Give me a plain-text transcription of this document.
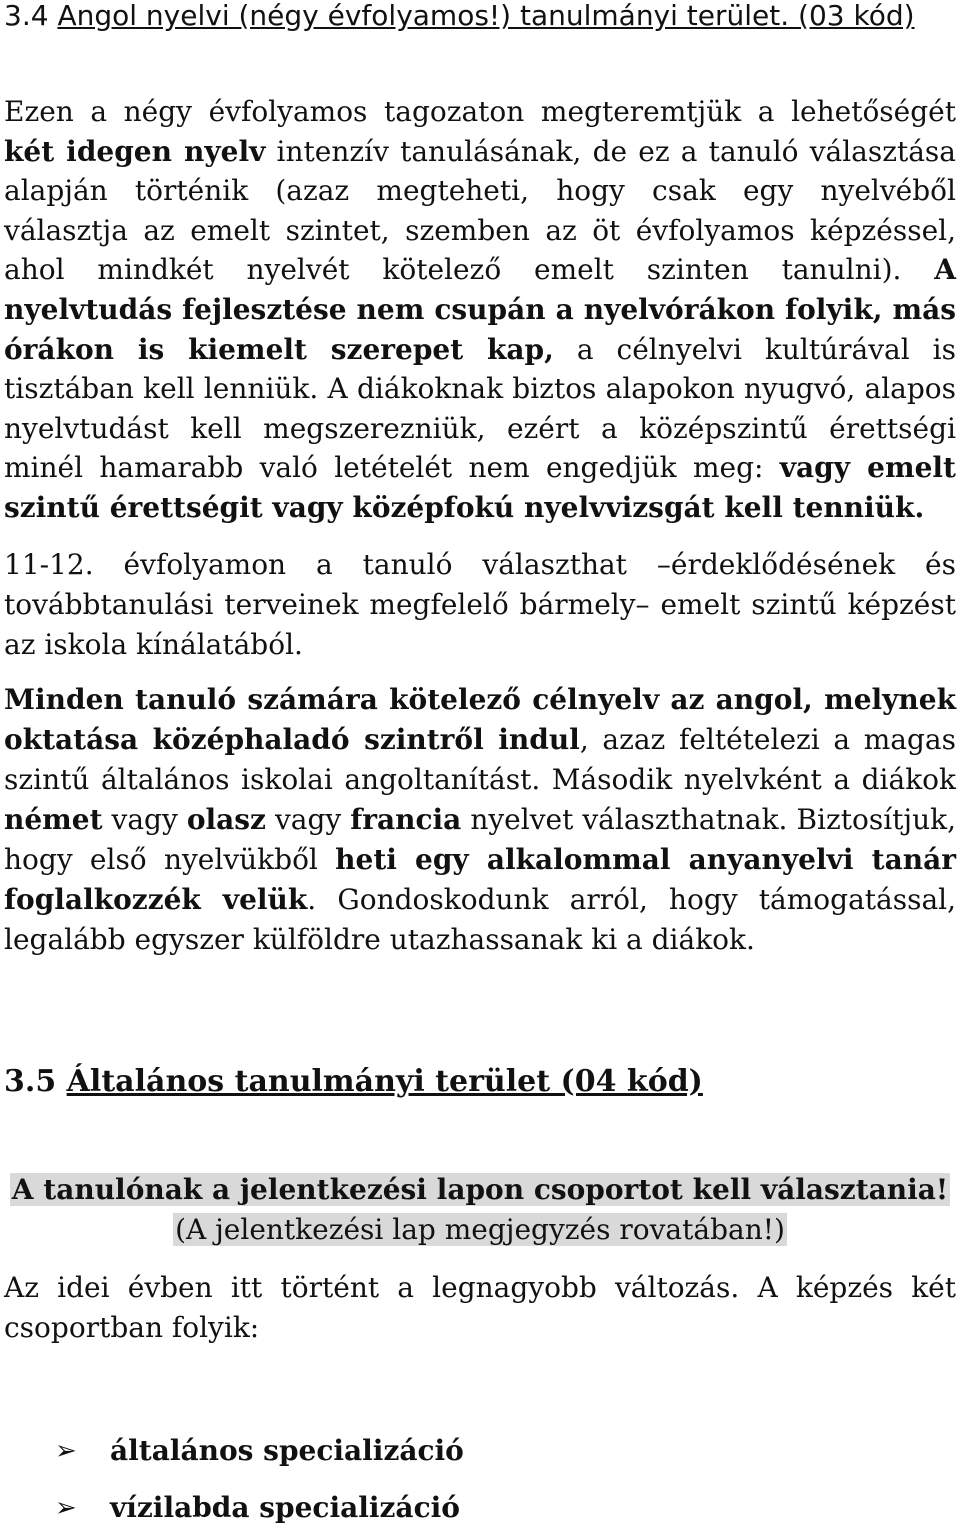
3.4 Angol nyelvi (négy évfolyamos!) tanulmányi terület. (03 kód)
Ezen a négy évfolyamos tagozaton megteremtjük a lehetőségét két idegen nyelv intenzív tanulásának, de ez a tanuló választása alapján történik (azaz megteheti, hogy csak egy nyelvéből választja az emelt szintet, szemben az öt évfolyamos képzéssel, ahol mindkét nyelvét kötelező emelt szinten tanulni). A nyelvtudás fejlesztése nem csupán a nyelvórákon folyik, más órákon is kiemelt szerepet kap, a célnyelvi kultúrával is tisztában kell lenniük. A diákoknak biztos alapokon nyugvó, alapos nyelvtudást kell megszerezniük, ezért a középszintű érettségi minél hamarabb való letételét nem engedjük meg: vagy emelt szintű érettségit vagy középfokú nyelvvizsgát kell tenniük.
11-12. évfolyamon a tanuló választhat –érdeklődésének és továbbtanulási terveinek megfelelő bármely– emelt szintű képzést az iskola kínálatából.
Minden tanuló számára kötelező célnyelv az angol, melynek oktatása középhaladó szintről indul, azaz feltételezi a magas szintű általános iskolai angoltanítást. Második nyelvként a diákok német vagy olasz vagy francia nyelvet választhatnak. Biztosítjuk, hogy első nyelvükből heti egy alkalommal anyanyelvi tanár foglalkozzék velük. Gondoskodunk arról, hogy támogatással, legalább egyszer külföldre utazhassanak ki a diákok.
3.5 Általános tanulmányi terület (04 kód)
A tanulónak a jelentkezési lapon csoportot kell választania!
(A jelentkezési lap megjegyzés rovatában!)
Az idei évben itt történt a legnagyobb változás. A képzés két csoportban folyik:
➢	általános specializáció
➢	vízilabda specializáció
